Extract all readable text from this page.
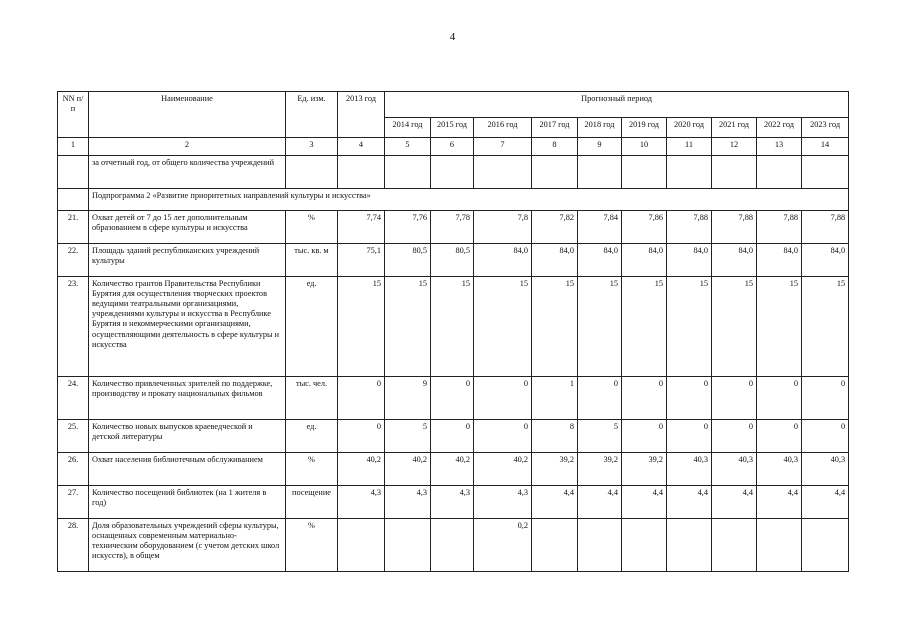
4
NN п/п	Наименование	Ед. изм.	2013 год	Прогнозный период									
				2014 год	2015 год	2016 год	2017 год	2018 год	2019 год	2020 год	2021 год	2022 год	2023 год
1	2	3	4	5	6	7	8	9	10	11	12	13	14
	за отчетный год, от общего количества учреждений												
	Подпрограмма 2 «Развитие приоритетных направлений культуры и искусства»												
21.	Охват детей от 7 до 15 лет дополнительным образованием в сфере культуры и искусства	%	7,74	7,76	7,78	7,8	7,82	7,84	7,86	7,88	7,88	7,88	7,88
22.	Площадь зданий республиканских учреждений культуры	тыс. кв. м	75,1	80,5	80,5	84,0	84,0	84,0	84,0	84,0	84,0	84,0	84,0
23.	Количество грантов Правительства Республики Бурятия для осуществления творческих проектов ведущими театральными организациями, учреждениями культуры и искусства в Республике Бурятия и некоммерческими организациями, осуществляющими деятельность в сфере культуры и искусства	ед.	15	15	15	15	15	15	15	15	15	15	15
24.	Количество привлеченных зрителей по поддержке, производству и прокату национальных фильмов	тыс. чел.	0	9	0	0	1	0	0	0	0	0	0
25.	Количество новых выпусков краеведческой и детской литературы	ед.	0	5	0	0	8	5	0	0	0	0	0
26.	Охват населения библиотечным обслуживанием	%	40,2	40,2	40,2	40,2	39,2	39,2	39,2	40,3	40,3	40,3	40,3
27.	Количество посещений библиотек (на 1 жителя в год)	посещение	4,3	4,3	4,3	4,3	4,4	4,4	4,4	4,4	4,4	4,4	4,4
28.	Доля образовательных учреждений сферы культуры, оснащенных современным материально-техническим оборудованием (с учетом детских школ искусств), в общем	%				0,2							
